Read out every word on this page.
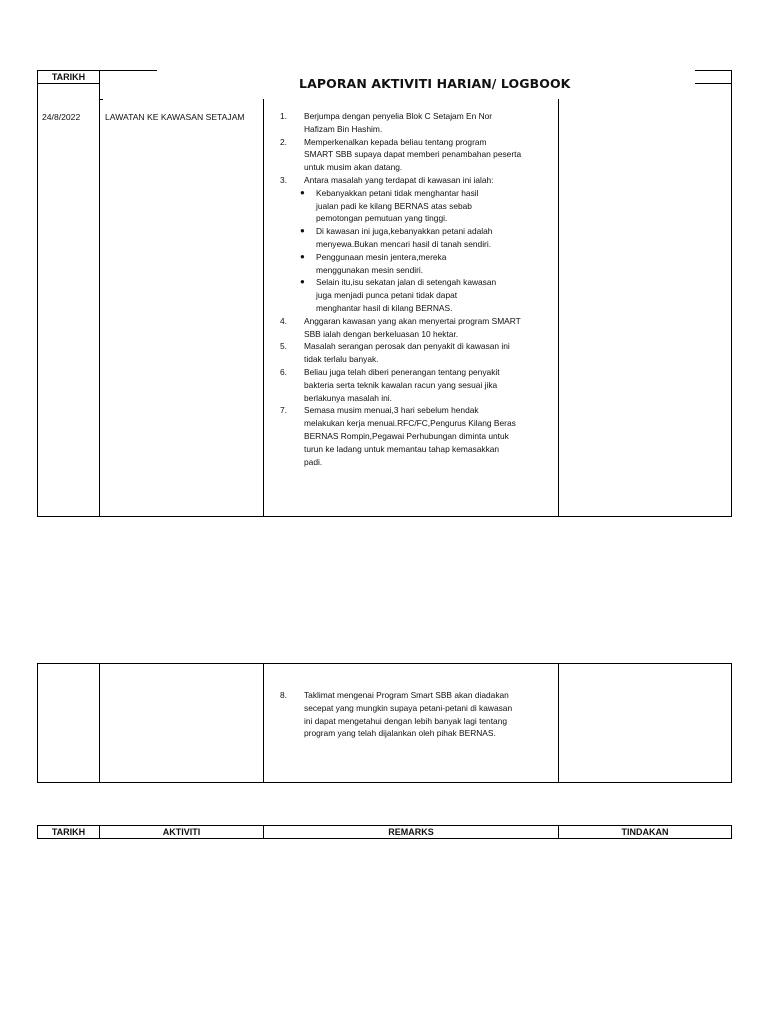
TARIKH	LAPORAN AKTIVITI HARIAN/ LOGBOOK
24/8/2022	LAWATAN KE KAWASAN SETAJAM	1. Berjumpa dengan penyelia Blok C Setajam En Nor
Hafizam Bin Hashim.
2. Memperkenalkan kepada beliau tentang program
SMART SBB supaya dapat memberi penambahan peserta
untuk musim akan datang.
3. Antara masalah yang terdapat di kawasan ini ialah:
● Kebanyakkan petani tidak menghantar hasil
jualan padi ke kilang BERNAS atas sebab
pemotongan pemutuan yang tinggi.
● Di kawasan ini juga,kebanyakkan petani adalah
menyewa.Bukan mencari hasil di tanah sendiri.
● Penggunaan mesin jentera,mereka
menggunakan mesin sendiri.
● Selain itu,isu sekatan jalan di setengah kawasan
juga menjadi punca petani tidak dapat
menghantar hasil di kilang BERNAS.
4. Anggaran kawasan yang akan menyertai program SMART
SBB ialah dengan berkeluasan 10 hektar.
5. Masalah serangan perosak dan penyakit di kawasan ini
tidak terlalu banyak.
6. Beliau juga telah diberi penerangan tentang penyakit
bakteria serta teknik kawalan racun yang sesuai jika
berlakunya masalah ini.
7. Semasa musim menuai,3 hari sebelum hendak
melakukan kerja menuai.RFC/FC,Pengurus Kilang Beras
BERNAS Rompin,Pegawai Perhubungan diminta untuk
turun ke ladang untuk memantau tahap kemasakkan
padi.
8. Taklimat mengenai Program Smart SBB akan diadakan
secepat yang mungkin supaya petani-petani di kawasan
ini dapat mengetahui dengan lebih banyak lagi tentang
program yang telah dijalankan oleh pihak BERNAS.
TARIKH	AKTIVITI	REMARKS	TINDAKAN
